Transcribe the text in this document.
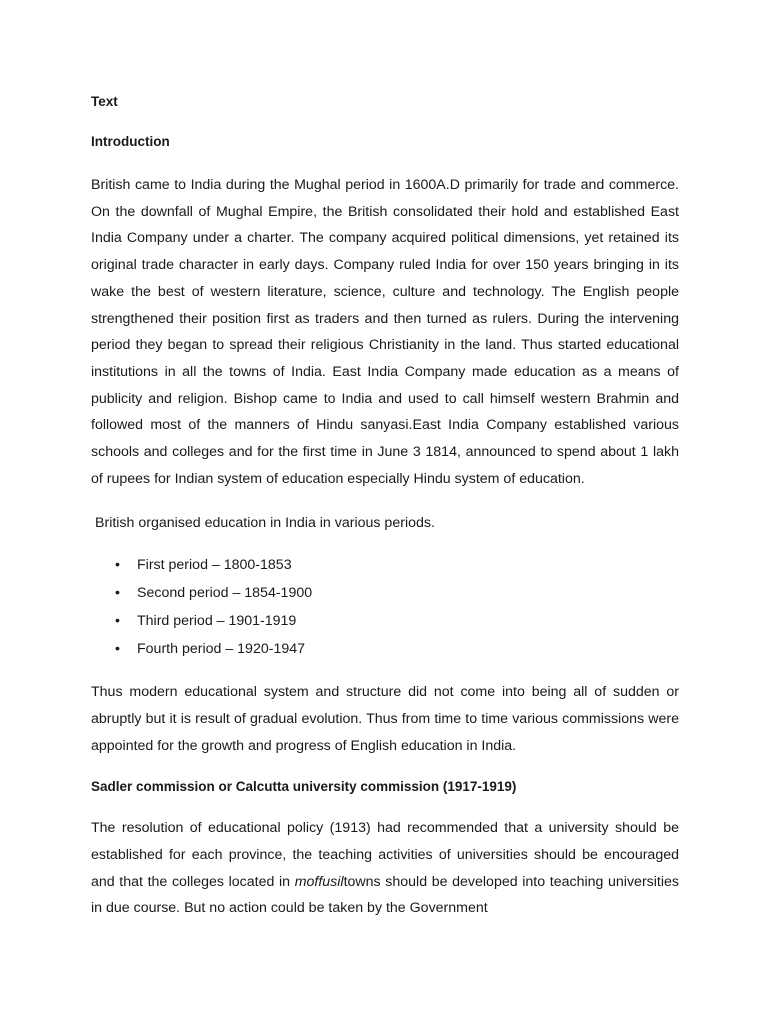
Text

Introduction

British came to India during the Mughal period in 1600A.D primarily for trade and commerce. On the downfall of Mughal Empire, the British consolidated their hold and established East India Company under a charter. The company acquired political dimensions, yet retained its original trade character in early days. Company ruled India for over 150 years bringing in its wake the best of western literature, science, culture and technology. The English people strengthened their position first as traders and then turned as rulers. During the intervening period they began to spread their religious Christianity in the land. Thus started educational institutions in all the towns of India. East India Company made education as a means of publicity and religion. Bishop came to India and used to call himself western Brahmin and followed most of the manners of Hindu sanyasi.East India Company established various schools and colleges and for the first time in June 3 1814, announced to spend about 1 lakh of rupees for Indian system of education especially Hindu system of education.

British organised education in India in various periods.

• First period – 1800-1853
• Second period – 1854-1900
• Third period – 1901-1919
• Fourth period – 1920-1947

Thus modern educational system and structure did not come into being all of sudden or abruptly but it is result of gradual evolution. Thus from time to time various commissions were appointed for the growth and progress of English education in India.

Sadler commission or Calcutta university commission (1917-1919)

The resolution of educational policy (1913) had recommended that a university should be established for each province, the teaching activities of universities should be encouraged and that the colleges located in moffusiltowns should be developed into teaching universities in due course. But no action could be taken by the Government
